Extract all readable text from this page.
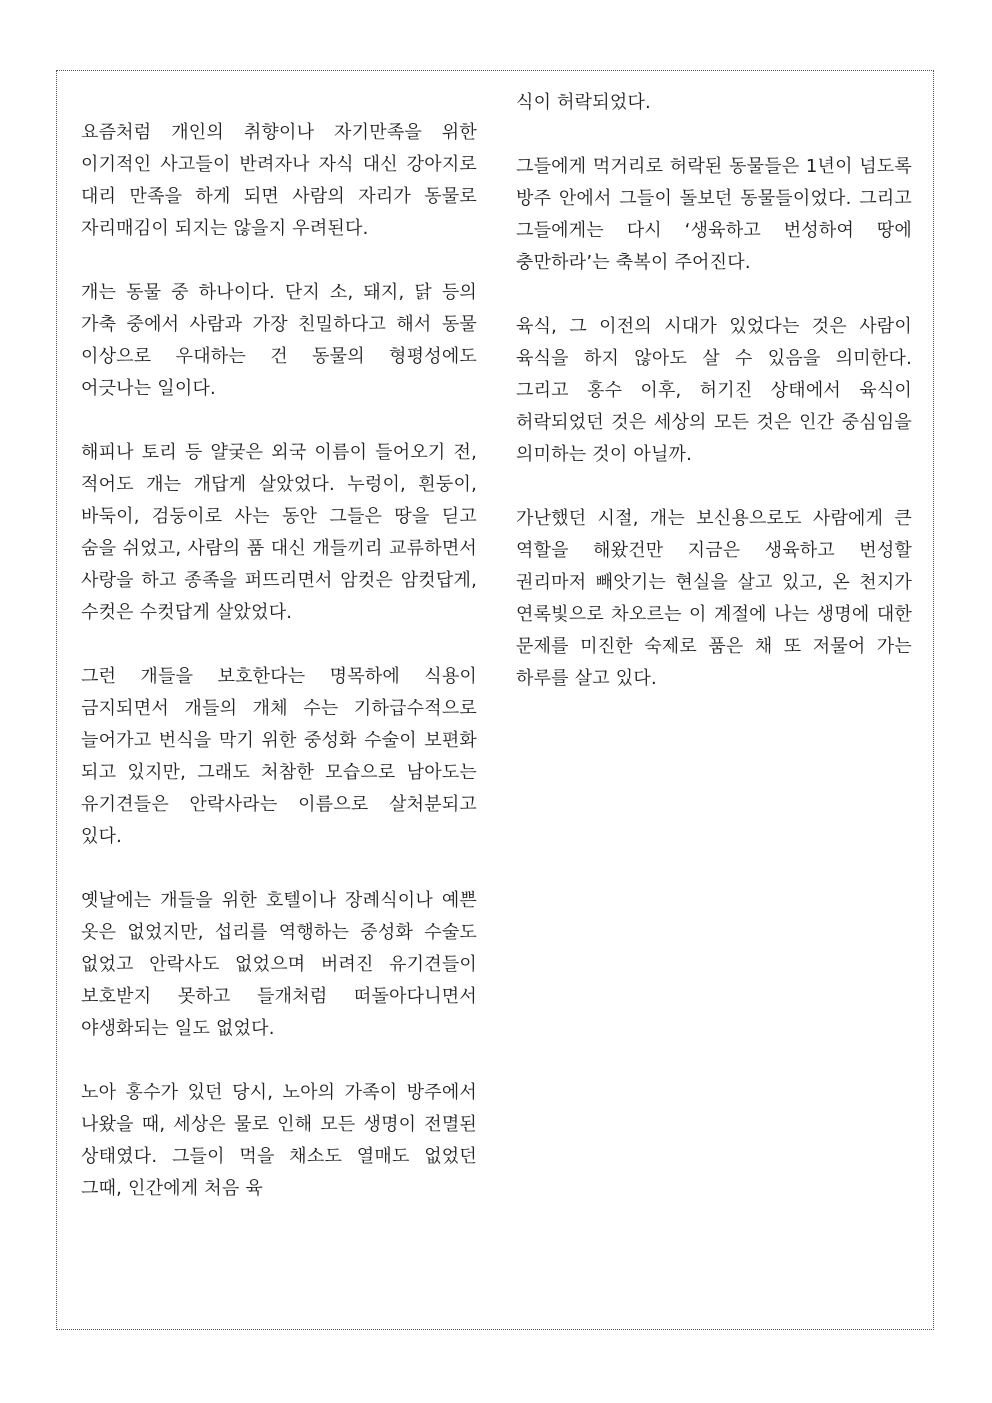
요즘처럼 개인의 취향이나 자기만족을 위한 이기적인 사고들이 반려자나 자식 대신 강아지로 대리 만족을 하게 되면 사람의 자리가 동물로 자리매김이 되지는 않을지 우려된다.

개는 동물 중 하나이다. 단지 소, 돼지, 닭 등의 가축 중에서 사람과 가장 친밀하다고 해서 동물 이상으로 우대하는 건 동물의 형평성에도 어긋나는 일이다.

해피나 토리 등 얄궂은 외국 이름이 들어오기 전, 적어도 개는 개답게 살았었다. 누렁이, 흰둥이, 바둑이, 검둥이로 사는 동안 그들은 땅을 딛고 숨을 쉬었고, 사람의 품 대신 개들끼리 교류하면서 사랑을 하고 종족을 퍼뜨리면서 암컷은 암컷답게, 수컷은 수컷답게 살았었다.

그런 개들을 보호한다는 명목하에 식용이 금지되면서 개들의 개체 수는 기하급수적으로 늘어가고 번식을 막기 위한 중성화 수술이 보편화 되고 있지만, 그래도 처참한 모습으로 남아도는 유기견들은 안락사라는 이름으로 살처분되고 있다.

옛날에는 개들을 위한 호텔이나 장례식이나 예쁜 옷은 없었지만, 섭리를 역행하는 중성화 수술도 없었고 안락사도 없었으며 버려진 유기견들이 보호받지 못하고 들개처럼 떠돌아다니면서 야생화되는 일도 없었다.

노아 홍수가 있던 당시, 노아의 가족이 방주에서 나왔을 때, 세상은 물로 인해 모든 생명이 전멸된 상태였다. 그들이 먹을 채소도 열매도 없었던 그때, 인간에게 처음 육

식이 허락되었다.

그들에게 먹거리로 허락된 동물들은 1년이 넘도록 방주 안에서 그들이 돌보던 동물들이었다. 그리고 그들에게는 다시 ‘생육하고 번성하여 땅에 충만하라’는 축복이 주어진다.

육식, 그 이전의 시대가 있었다는 것은 사람이 육식을 하지 않아도 살 수 있음을 의미한다. 그리고 홍수 이후, 허기진 상태에서 육식이 허락되었던 것은 세상의 모든 것은 인간 중심임을 의미하는 것이 아닐까.

가난했던 시절, 개는 보신용으로도 사람에게 큰 역할을 해왔건만 지금은 생육하고 번성할 권리마저 빼앗기는 현실을 살고 있고, 온 천지가 연록빛으로 차오르는 이 계절에 나는 생명에 대한 문제를 미진한 숙제로 품은 채 또 저물어 가는 하루를 살고 있다.
